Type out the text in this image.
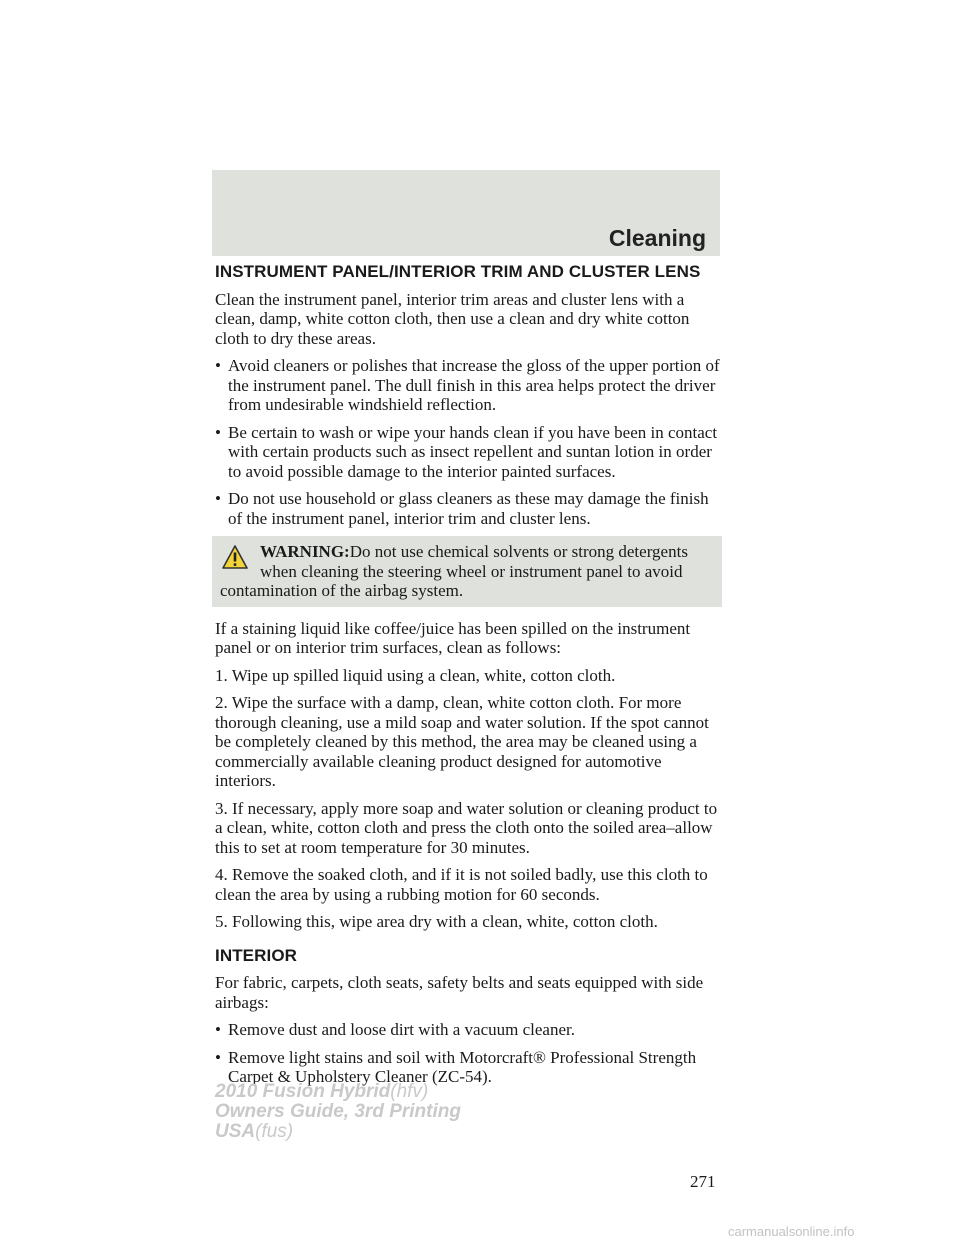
Cleaning
INSTRUMENT PANEL/INTERIOR TRIM AND CLUSTER LENS

Clean the instrument panel, interior trim areas and cluster lens with a clean, damp, white cotton cloth, then use a clean and dry white cotton cloth to dry these areas.

• Avoid cleaners or polishes that increase the gloss of the upper portion of the instrument panel. The dull finish in this area helps protect the driver from undesirable windshield reflection.
• Be certain to wash or wipe your hands clean if you have been in contact with certain products such as insect repellent and suntan lotion in order to avoid possible damage to the interior painted surfaces.
• Do not use household or glass cleaners as these may damage the finish of the instrument panel, interior trim and cluster lens.
WARNING:Do not use chemical solvents or strong detergents
when cleaning the steering wheel or instrument panel to avoid
contamination of the airbag system.

If a staining liquid like coffee/juice has been spilled on the instrument panel or on interior trim surfaces, clean as follows:

1. Wipe up spilled liquid using a clean, white, cotton cloth.

2. Wipe the surface with a damp, clean, white cotton cloth. For more thorough cleaning, use a mild soap and water solution. If the spot cannot be completely cleaned by this method, the area may be cleaned using a commercially available cleaning product designed for automotive interiors.

3. If necessary, apply more soap and water solution or cleaning product to a clean, white, cotton cloth and press the cloth onto the soiled area–allow this to set at room temperature for 30 minutes.

4. Remove the soaked cloth, and if it is not soiled badly, use this cloth to clean the area by using a rubbing motion for 60 seconds.

5. Following this, wipe area dry with a clean, white, cotton cloth.

INTERIOR

For fabric, carpets, cloth seats, safety belts and seats equipped with side airbags:

• Remove dust and loose dirt with a vacuum cleaner.
• Remove light stains and soil with Motorcraft® Professional Strength Carpet & Upholstery Cleaner (ZC-54).
271
2010 Fusion Hybrid(hfv)
Owners Guide, 3rd Printing
USA(fus)
carmanualsonline.info
